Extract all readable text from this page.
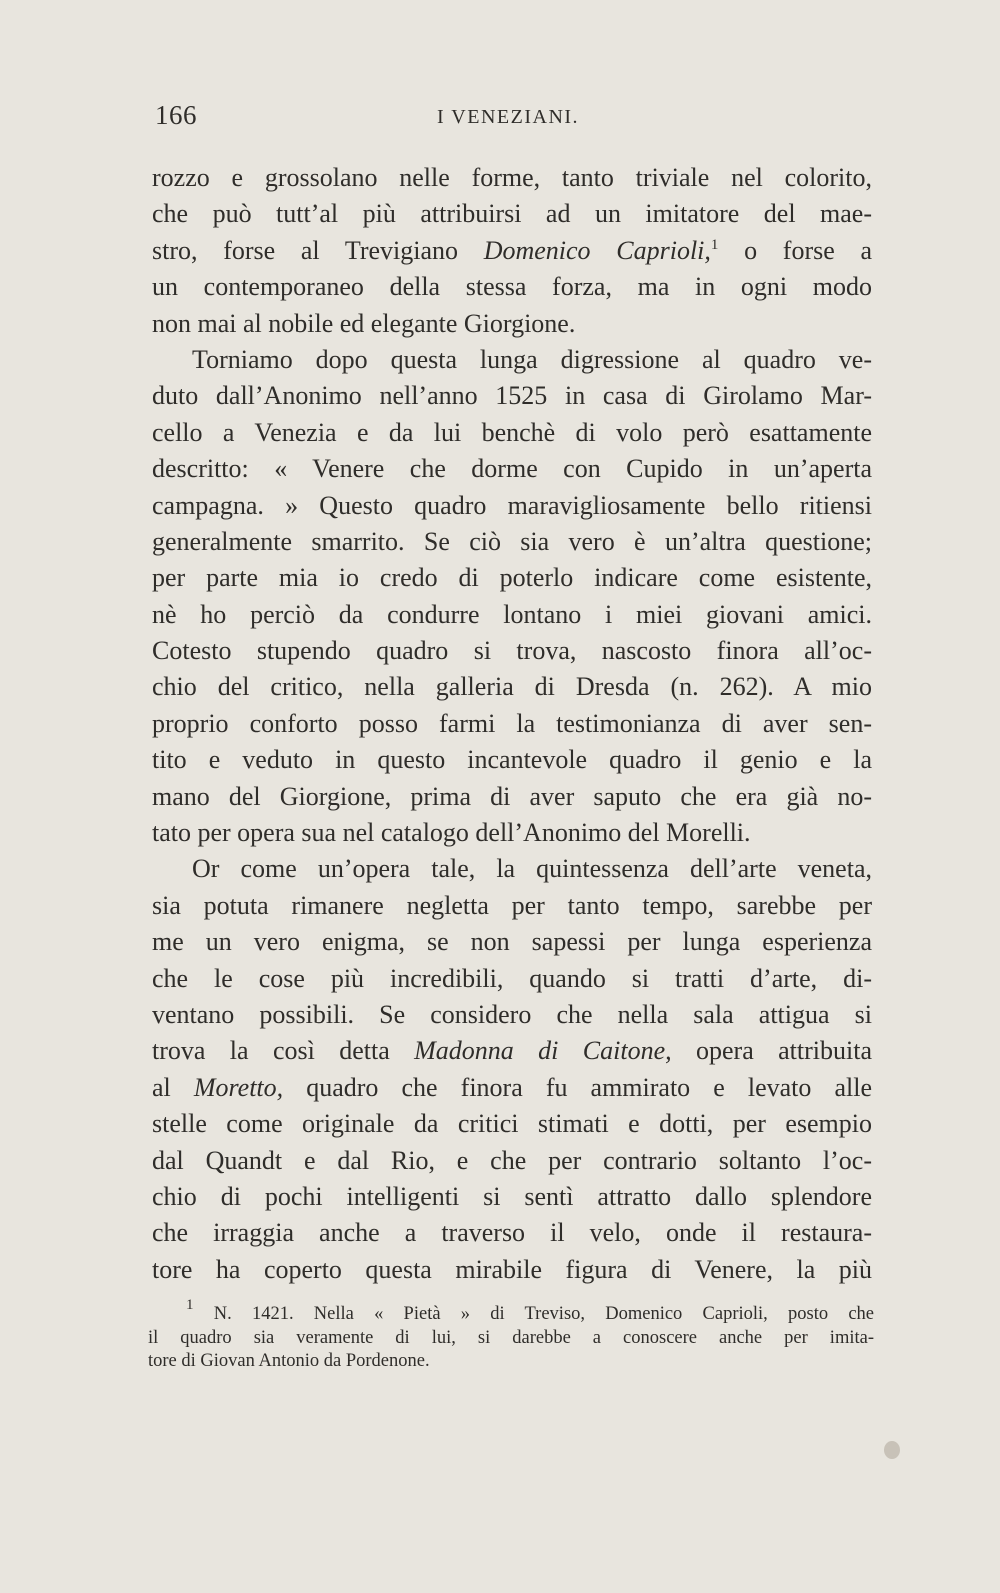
166	I VENEZIANI.
rozzo e grossolano nelle forme, tanto triviale nel colorito,
che può tutt’al più attribuirsi ad un imitatore del mae-
stro, forse al Trevigiano Domenico Caprioli,$^1$ o forse a
un contemporaneo della stessa forza, ma in ogni modo
non mai al nobile ed elegante Giorgione.
Torniamo dopo questa lunga digressione al quadro ve-
duto dall’Anonimo nell’anno 1525 in casa di Girolamo Mar-
cello a Venezia e da lui benchè di volo però esattamente
descritto: « Venere che dorme con Cupido in un’aperta
campagna. » Questo quadro maravigliosamente bello ritiensi
generalmente smarrito. Se ciò sia vero è un’altra questione;
per parte mia io credo di poterlo indicare come esistente,
nè ho perciò da condurre lontano i miei giovani amici.
Cotesto stupendo quadro si trova, nascosto finora all’oc-
chio del critico, nella galleria di Dresda (n. 262). A mio
proprio conforto posso farmi la testimonianza di aver sen-
tito e veduto in questo incantevole quadro il genio e la
mano del Giorgione, prima di aver saputo che era già no-
tato per opera sua nel catalogo dell’Anonimo del Morelli.
Or come un’opera tale, la quintessenza dell’arte veneta,
sia potuta rimanere negletta per tanto tempo, sarebbe per
me un vero enigma, se non sapessi per lunga esperienza
che le cose più incredibili, quando si tratti d’arte, di-
ventano possibili. Se considero che nella sala attigua si
trova la così detta Madonna di Caitone, opera attribuita
al Moretto, quadro che finora fu ammirato e levato alle
stelle come originale da critici stimati e dotti, per esempio
dal Quandt e dal Rio, e che per contrario soltanto l’oc-
chio di pochi intelligenti si sentì attratto dallo splendore
che irraggia anche a traverso il velo, onde il restaura-
tore ha coperto questa mirabile figura di Venere, la più
$^1$ N. 1421. Nella « Pietà » di Treviso, Domenico Caprioli, posto che
il quadro sia veramente di lui, si darebbe a conoscere anche per imita-
tore di Giovan Antonio da Pordenone.
